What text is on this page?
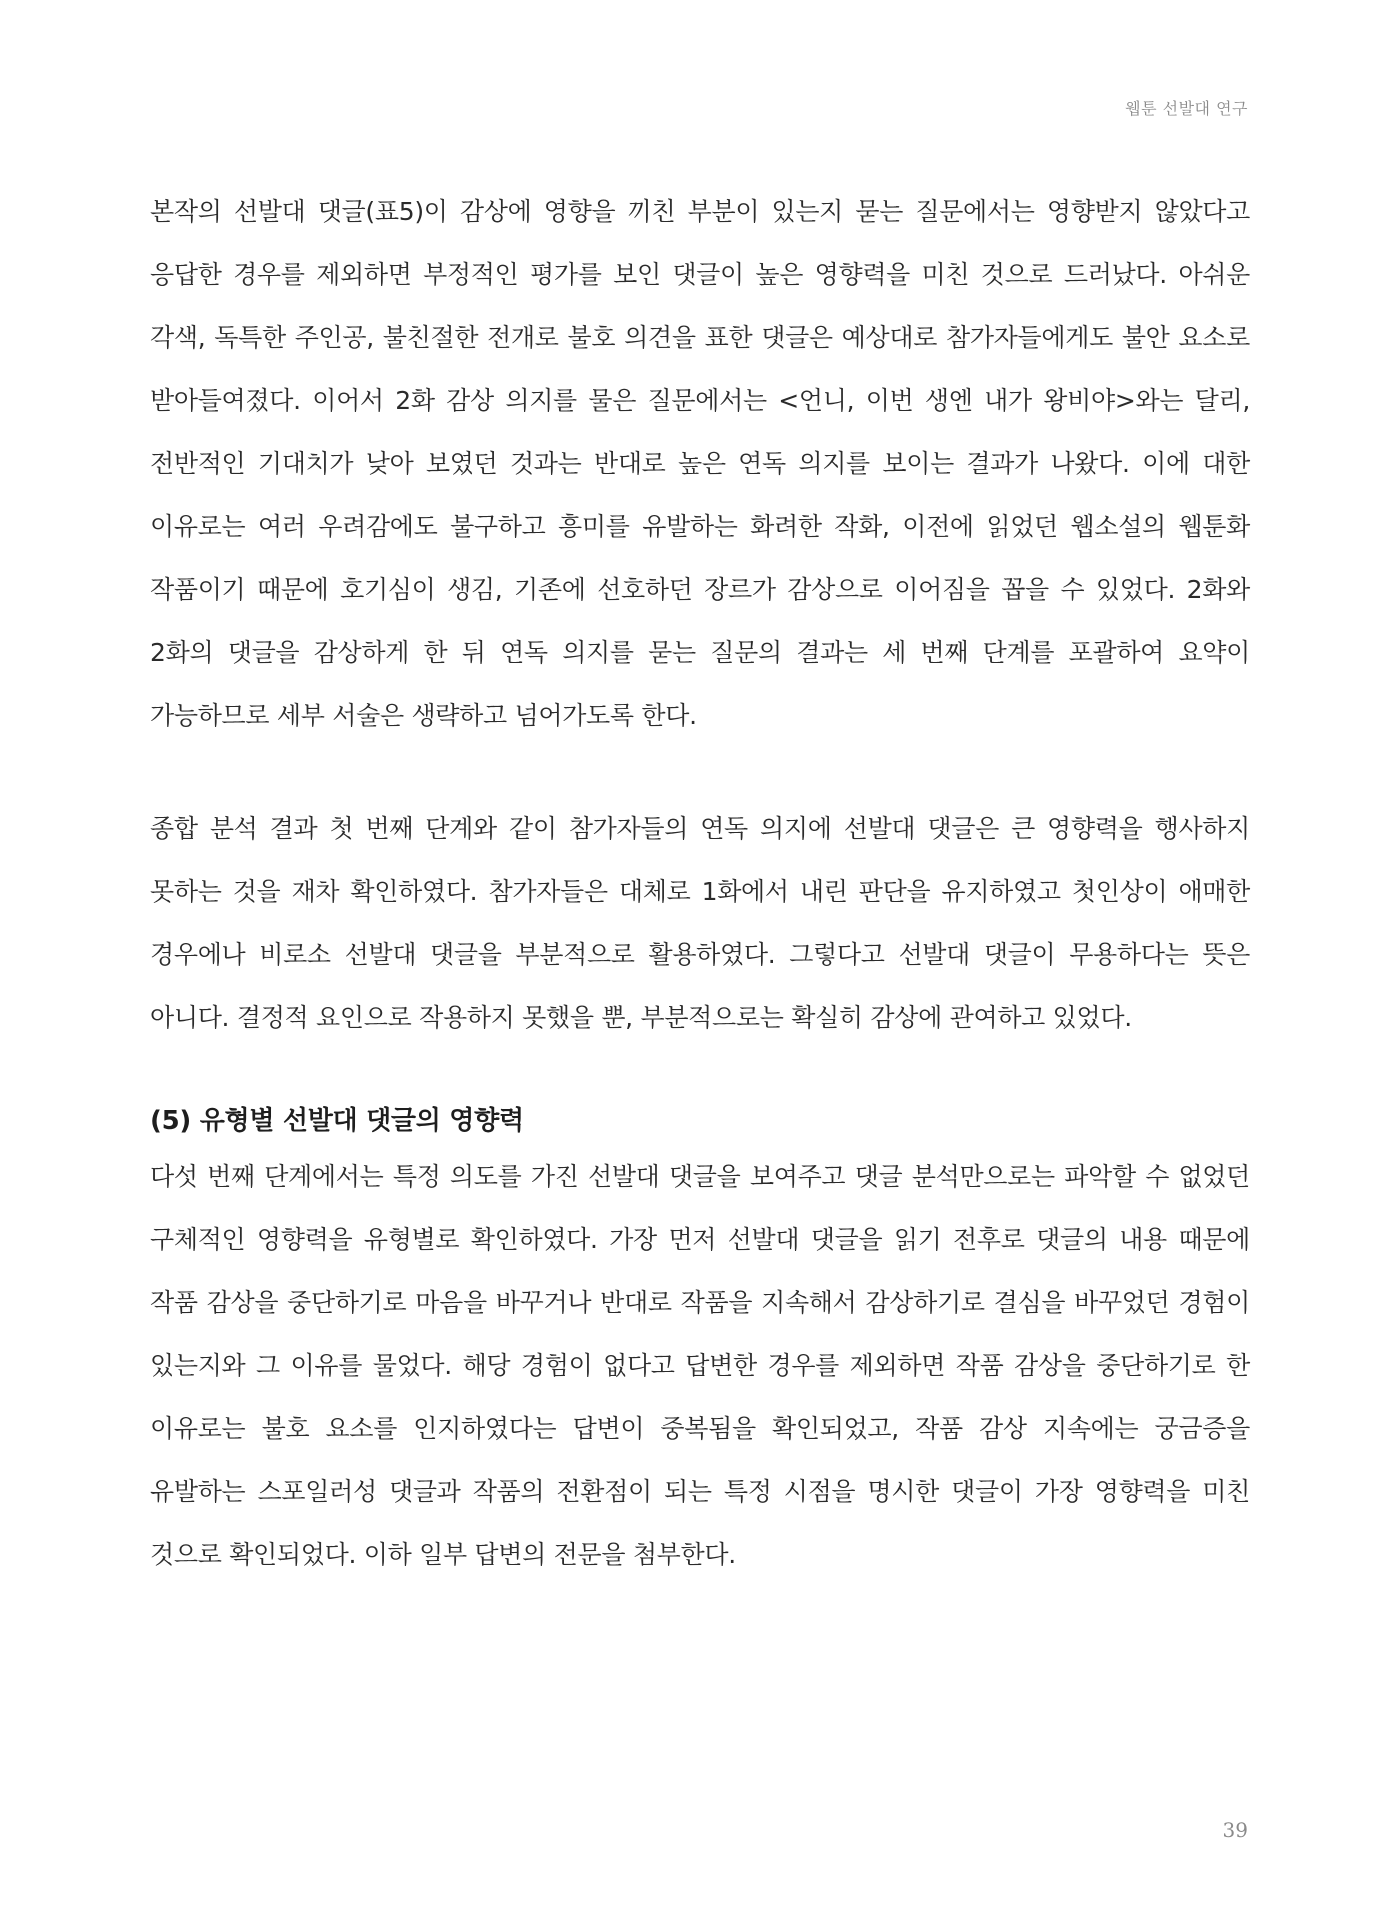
웹툰 선발대 연구

본작의 선발대 댓글(표5)이 감상에 영향을 끼친 부분이 있는지 묻는 질문에서는 영향받지 않았다고 응답한 경우를 제외하면 부정적인 평가를 보인 댓글이 높은 영향력을 미친 것으로 드러났다. 아쉬운 각색, 독특한 주인공, 불친절한 전개로 불호 의견을 표한 댓글은 예상대로 참가자들에게도 불안 요소로 받아들여졌다. 이어서 2화 감상 의지를 물은 질문에서는 <언니, 이번 생엔 내가 왕비야>와는 달리, 전반적인 기대치가 낮아 보였던 것과는 반대로 높은 연독 의지를 보이는 결과가 나왔다. 이에 대한 이유로는 여러 우려감에도 불구하고 흥미를 유발하는 화려한 작화, 이전에 읽었던 웹소설의 웹툰화 작품이기 때문에 호기심이 생김, 기존에 선호하던 장르가 감상으로 이어짐을 꼽을 수 있었다. 2화와 2화의 댓글을 감상하게 한 뒤 연독 의지를 묻는 질문의 결과는 세 번째 단계를 포괄하여 요약이 가능하므로 세부 서술은 생략하고 넘어가도록 한다.

종합 분석 결과 첫 번째 단계와 같이 참가자들의 연독 의지에 선발대 댓글은 큰 영향력을 행사하지 못하는 것을 재차 확인하였다. 참가자들은 대체로 1화에서 내린 판단을 유지하였고 첫인상이 애매한 경우에나 비로소 선발대 댓글을 부분적으로 활용하였다. 그렇다고 선발대 댓글이 무용하다는 뜻은 아니다. 결정적 요인으로 작용하지 못했을 뿐, 부분적으로는 확실히 감상에 관여하고 있었다.

(5) 유형별 선발대 댓글의 영향력

다섯 번째 단계에서는 특정 의도를 가진 선발대 댓글을 보여주고 댓글 분석만으로는 파악할 수 없었던 구체적인 영향력을 유형별로 확인하였다. 가장 먼저 선발대 댓글을 읽기 전후로 댓글의 내용 때문에 작품 감상을 중단하기로 마음을 바꾸거나 반대로 작품을 지속해서 감상하기로 결심을 바꾸었던 경험이 있는지와 그 이유를 물었다. 해당 경험이 없다고 답변한 경우를 제외하면 작품 감상을 중단하기로 한 이유로는 불호 요소를 인지하였다는 답변이 중복됨을 확인되었고, 작품 감상 지속에는 궁금증을 유발하는 스포일러성 댓글과 작품의 전환점이 되는 특정 시점을 명시한 댓글이 가장 영향력을 미친 것으로 확인되었다. 이하 일부 답변의 전문을 첨부한다.

39
